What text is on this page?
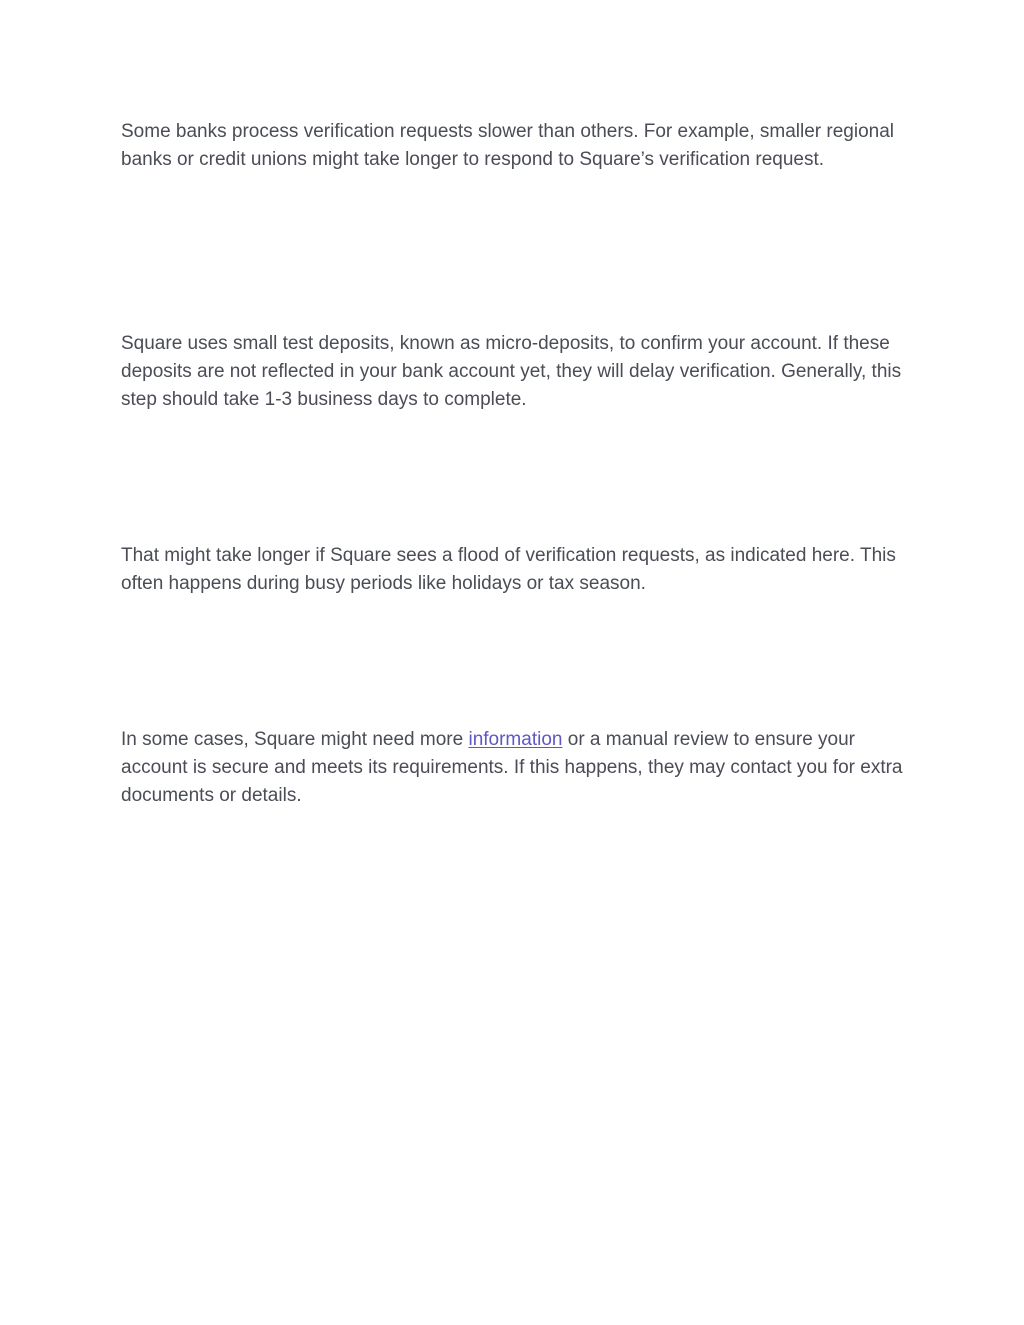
Some banks process verification requests slower than others. For example, smaller regional banks or credit unions might take longer to respond to Square’s verification request.

Square uses small test deposits, known as micro-deposits, to confirm your account. If these deposits are not reflected in your bank account yet, they will delay verification. Generally, this step should take 1-3 business days to complete.

That might take longer if Square sees a flood of verification requests, as indicated here. This often happens during busy periods like holidays or tax season.

In some cases, Square might need more information or a manual review to ensure your account is secure and meets its requirements. If this happens, they may contact you for extra documents or details.
